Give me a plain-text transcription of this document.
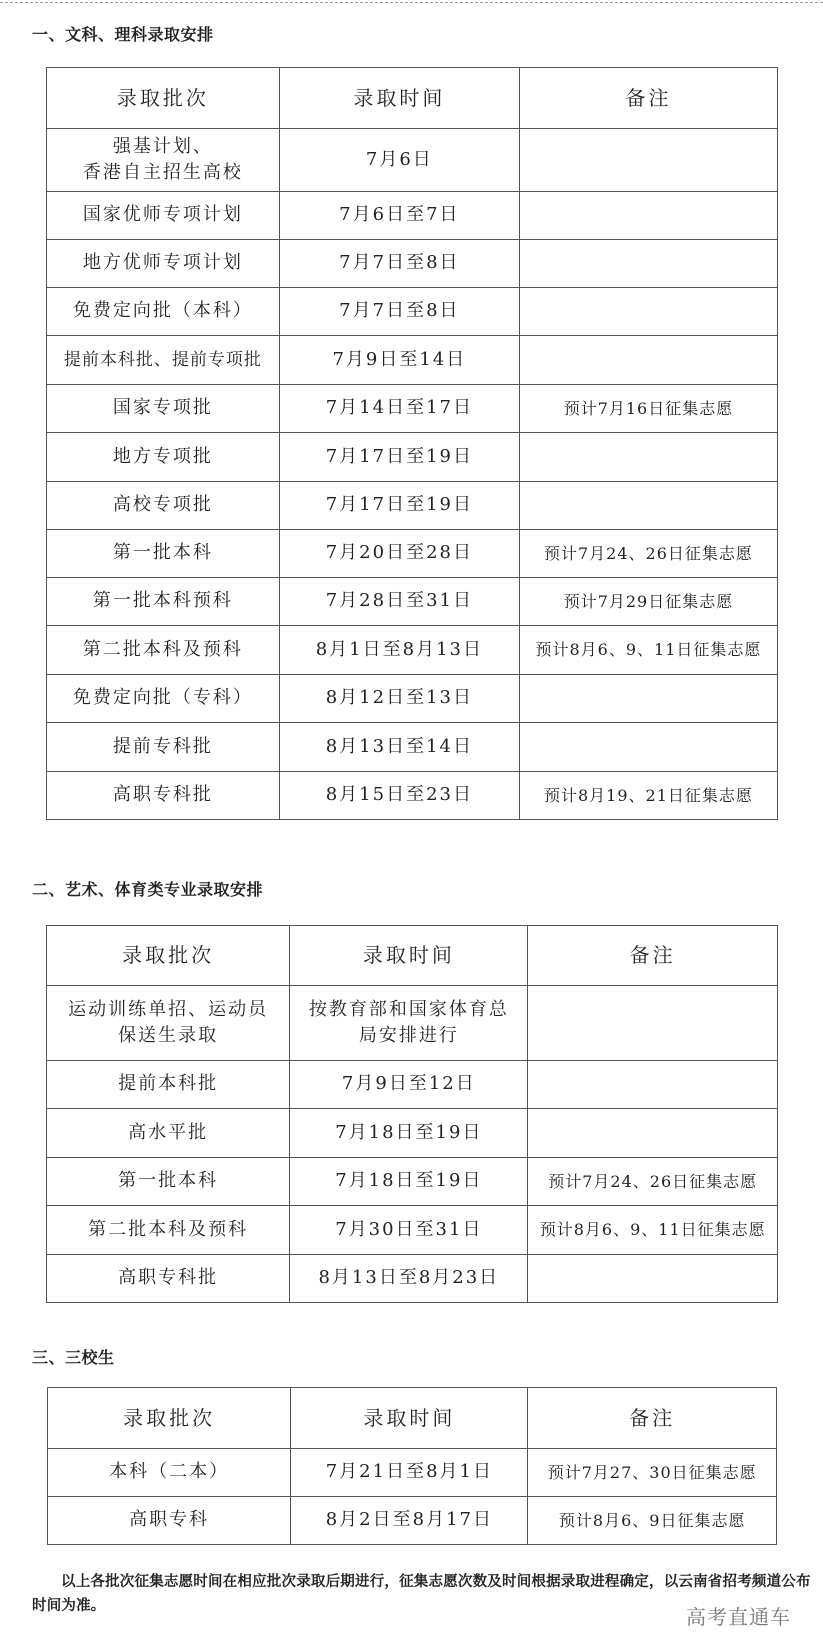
一、文科、理科录取安排
录取批次	录取时间	备注
强基计划、
香港自主招生高校	7月6日	
国家优师专项计划	7月6日至7日	
地方优师专项计划	7月7日至8日	
免费定向批（本科）	7月7日至8日	
提前本科批、提前专项批	7月9日至14日	
国家专项批	7月14日至17日	预计7月16日征集志愿
地方专项批	7月17日至19日	
高校专项批	7月17日至19日	
第一批本科	7月20日至28日	预计7月24、26日征集志愿
第一批本科预科	7月28日至31日	预计7月29日征集志愿
第二批本科及预科	8月1日至8月13日	预计8月6、9、11日征集志愿
免费定向批（专科）	8月12日至13日	
提前专科批	8月13日至14日	
高职专科批	8月15日至23日	预计8月19、21日征集志愿
二、艺术、体育类专业录取安排
录取批次	录取时间	备注
运动训练单招、运动员
保送生录取	按教育部和国家体育总
局安排进行	
提前本科批	7月9日至12日	
高水平批	7月18日至19日	
第一批本科	7月18日至19日	预计7月24、26日征集志愿
第二批本科及预科	7月30日至31日	预计8月6、9、11日征集志愿
高职专科批	8月13日至8月23日	
三、三校生
录取批次	录取时间	备注
本科（二本）	7月21日至8月1日	预计7月27、30日征集志愿
高职专科	8月2日至8月17日	预计8月6、9日征集志愿

以上各批次征集志愿时间在相应批次录取后期进行，征集志愿次数及时间根据录取进程确定，以云南省招考频道公布时间为准。	高考直通车
